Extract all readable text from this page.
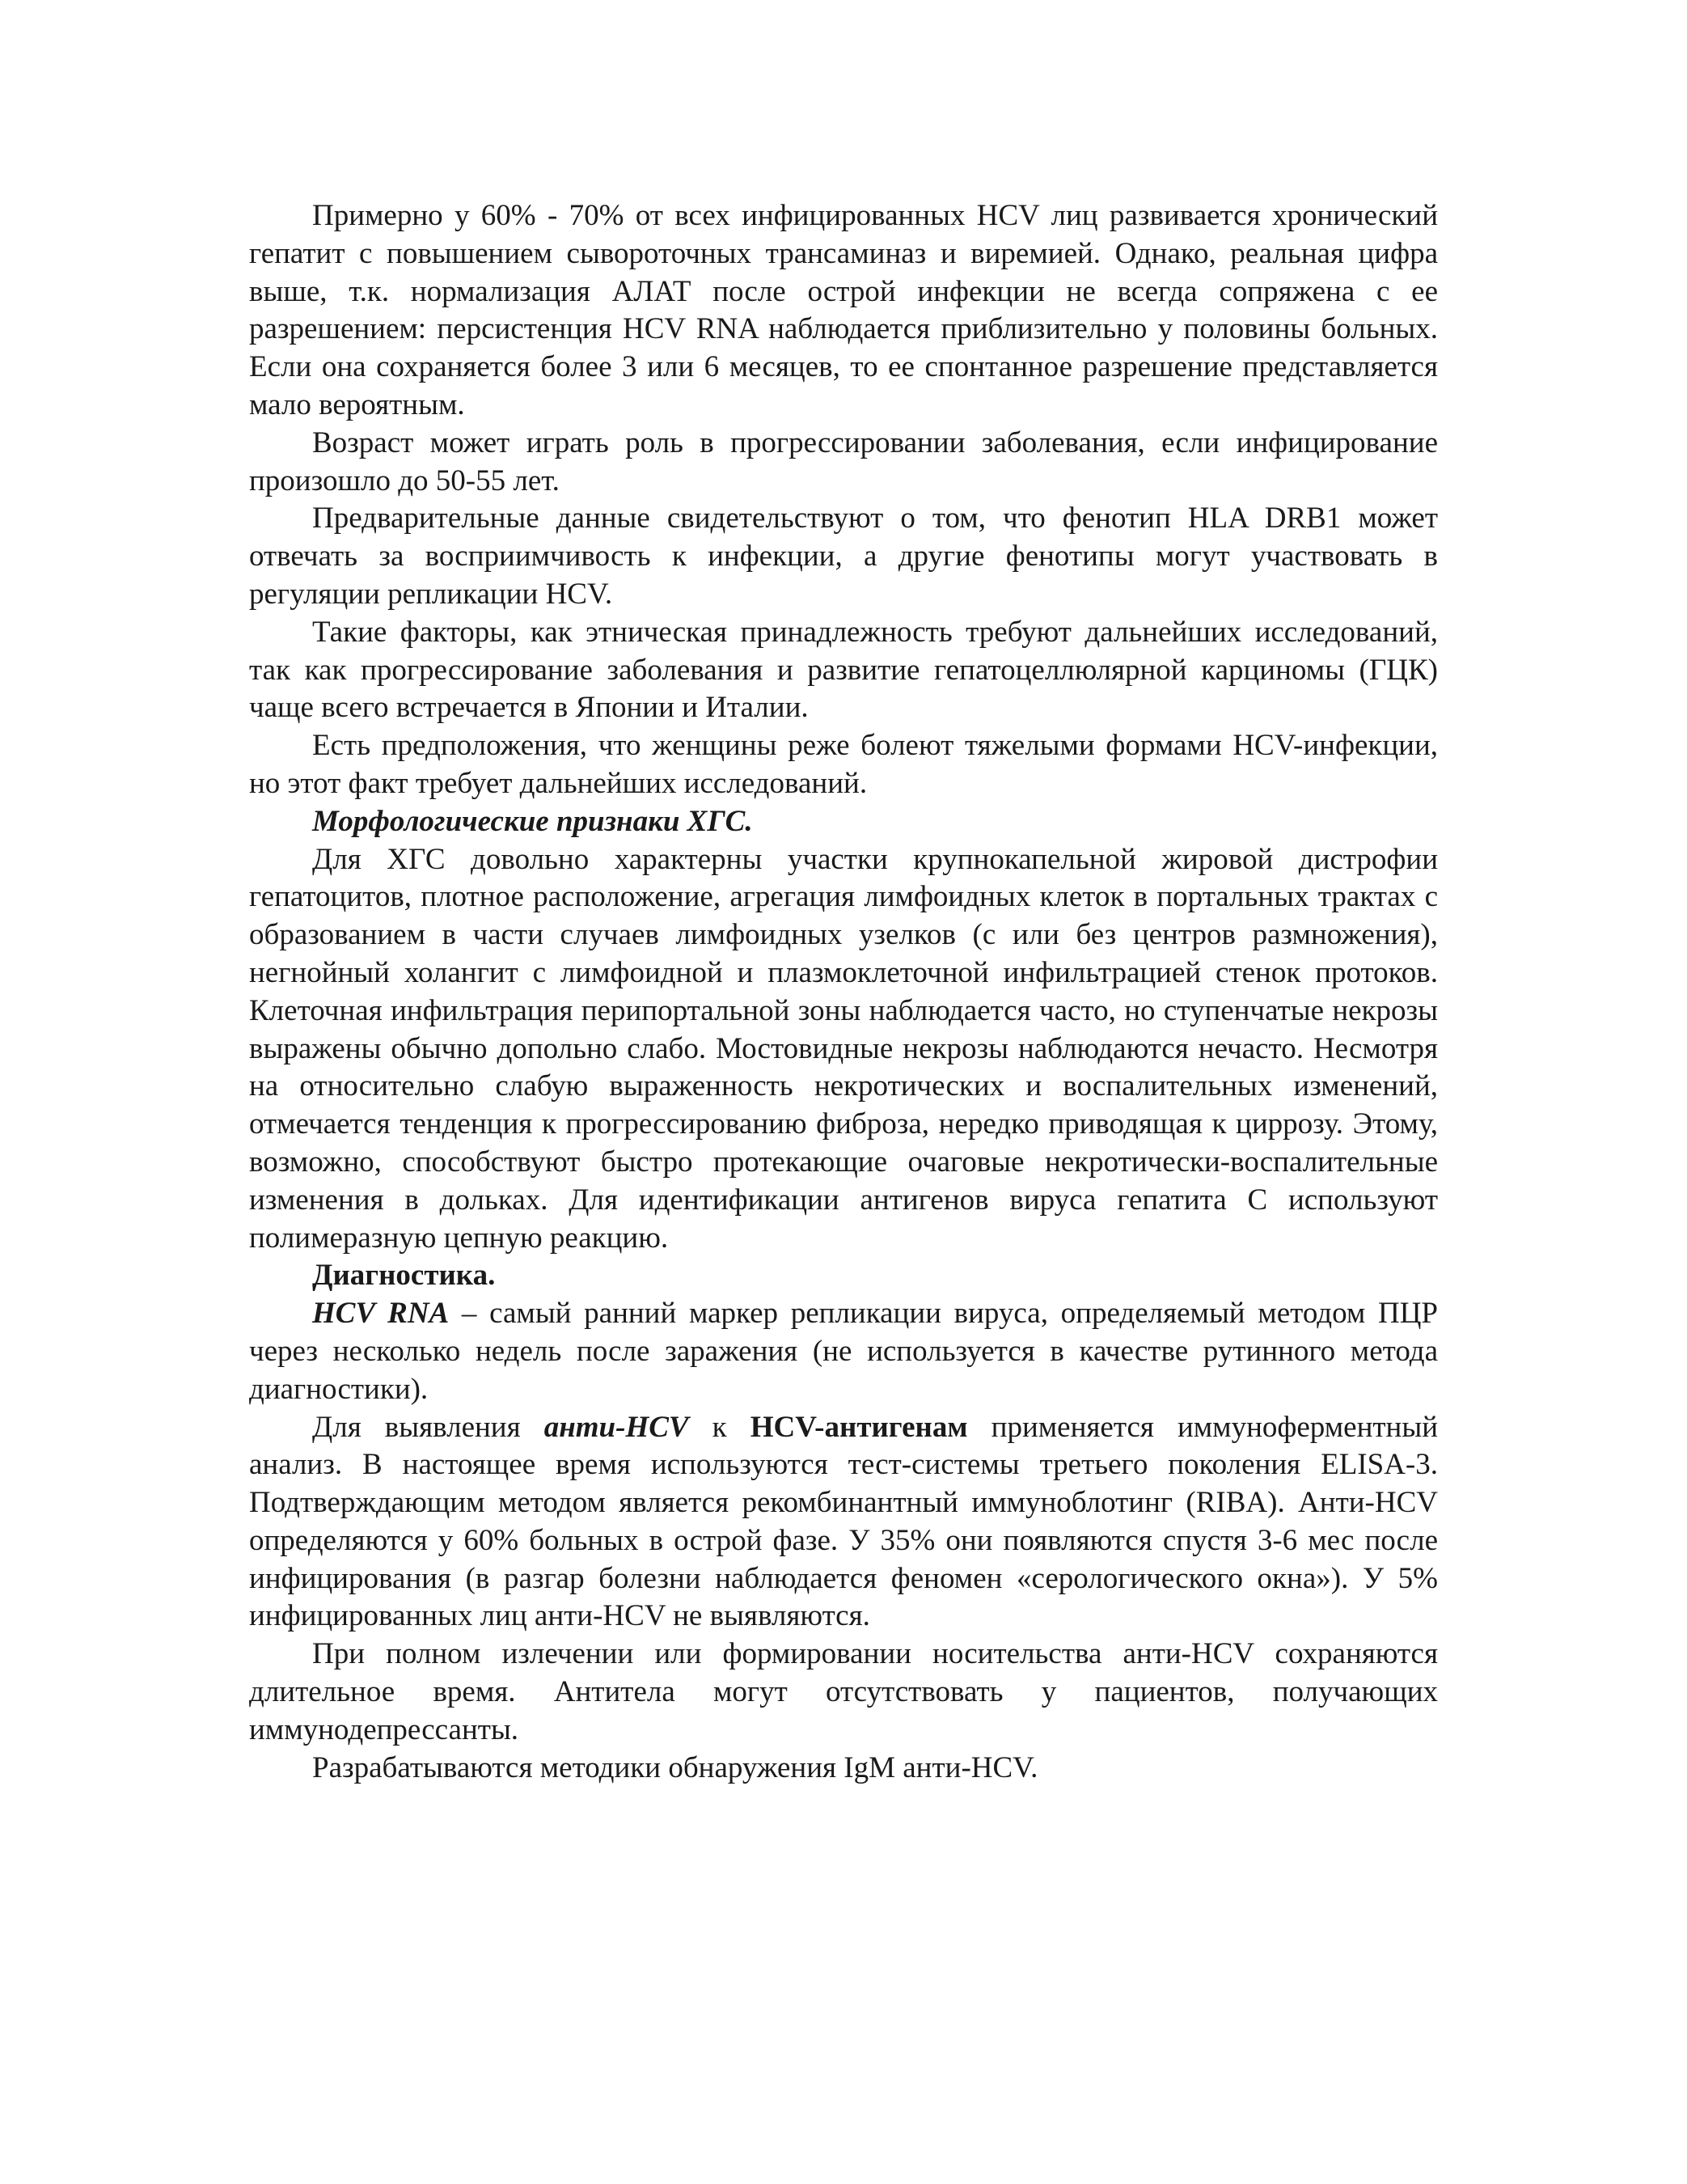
Примерно у 60% - 70% от всех инфицированных HCV лиц развивается хронический гепатит с повышением сывороточных трансаминаз и виремией. Однако, реальная цифра выше, т.к. нормализация АЛАТ после острой инфекции не всегда сопряжена с ее разрешением: персистенция HCV RNA наблюдается приблизительно у половины больных. Если она сохраняется более 3 или 6 месяцев, то ее спонтанное разрешение представляется мало вероятным.

Возраст может играть роль в прогрессировании заболевания, если инфицирование произошло до 50-55 лет.

Предварительные данные свидетельствуют о том, что фенотип HLA DRB1 может отвечать за восприимчивость к инфекции, а другие фенотипы могут участвовать в регуляции репликации HCV.

Такие факторы, как этническая принадлежность требуют дальнейших исследований, так как прогрессирование заболевания и развитие гепатоцеллюлярной карциномы (ГЦК) чаще всего встречается в Японии и Италии.

Есть предположения, что женщины реже болеют тяжелыми формами HCV-инфекции, но этот факт требует дальнейших исследований.

Морфологические признаки ХГС.

Для ХГС довольно характерны участки крупнокапельной жировой дистрофии гепатоцитов, плотное расположение, агрегация лимфоидных клеток в портальных трактах с образованием в части случаев лимфоидных узелков (с или без центров размножения), негнойный холангит с лимфоидной и плазмоклеточной инфильтрацией стенок протоков. Клеточная инфильтрация перипортальной зоны наблюдается часто, но ступенчатые некрозы выражены обычно допольно слабо. Мостовидные некрозы наблюдаются нечасто. Несмотря на относительно слабую выраженность некротических и воспалительных изменений, отмечается тенденция к прогрессированию фиброза, нередко приводящая к циррозу. Этому, возможно, способствуют быстро протекающие очаговые некротически-воспалительные изменения в дольках. Для идентификации антигенов вируса гепатита С используют полимеразную цепную реакцию.

Диагностика.

HCV RNA – самый ранний маркер репликации вируса, определяемый методом ПЦР через несколько недель после заражения (не используется в качестве рутинного метода диагностики).

Для выявления анти-HCV к HCV-антигенам применяется иммуноферментный анализ. В настоящее время используются тест-системы третьего поколения ELISA-3. Подтверждающим методом является рекомбинантный иммуноблотинг (RIBA). Анти-HCV определяются у 60% больных в острой фазе. У 35% они появляются спустя 3-6 мес после инфицирования (в разгар болезни наблюдается феномен «серологического окна»). У 5% инфицированных лиц анти-HCV не выявляются.

При полном излечении или формировании носительства анти-HCV сохраняются длительное время. Антитела могут отсутствовать у пациентов, получающих иммунодепрессанты.

Разрабатываются методики обнаружения IgM анти-HCV.
